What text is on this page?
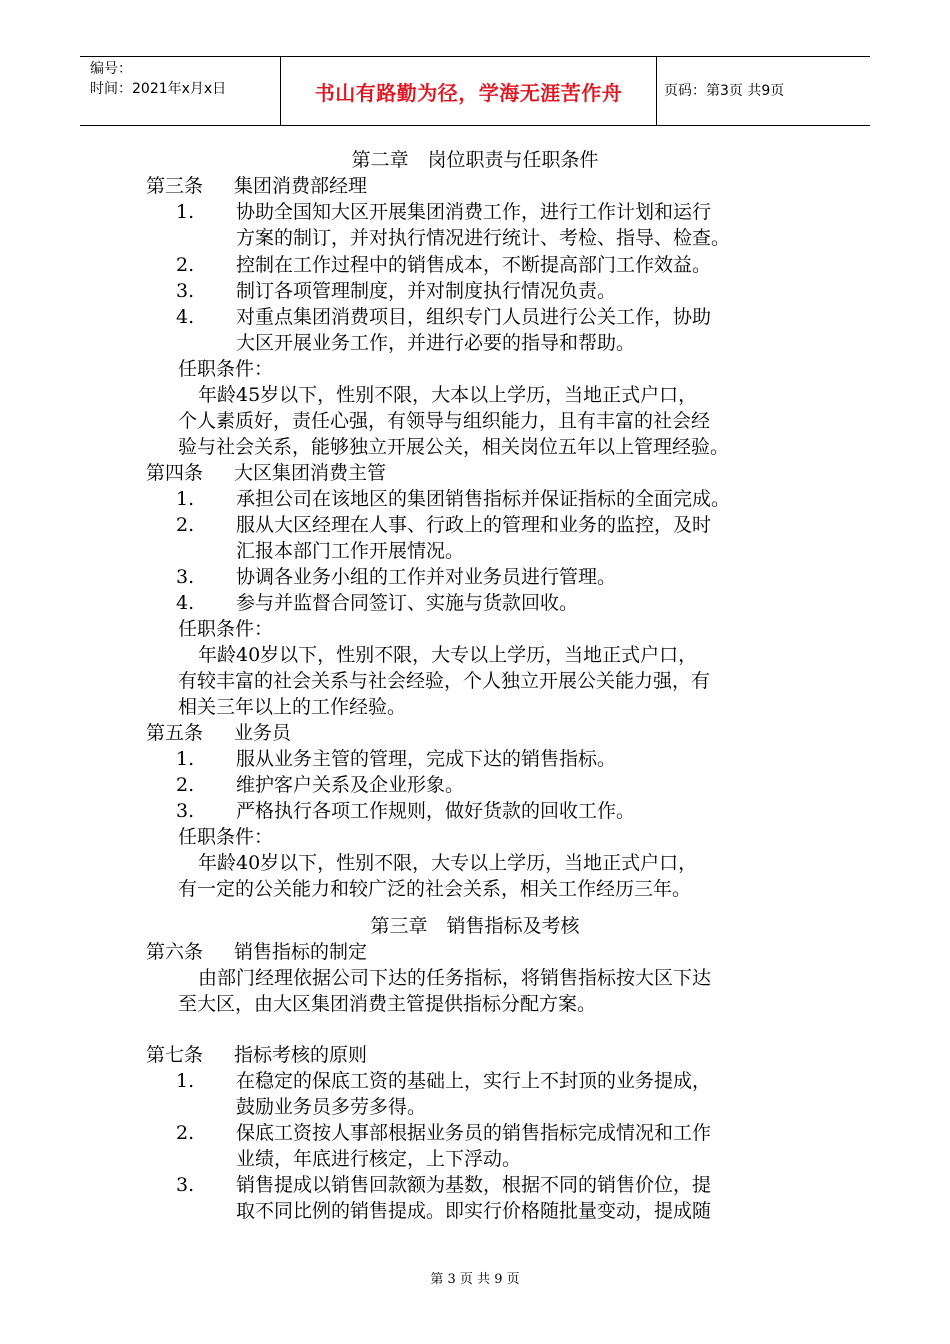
编号：
时间：2021年x月x日	书山有路勤为径，学海无涯苦作舟	页码：第3页 共9页
第二章　岗位职责与任职条件
第三条 集团消费部经理
1. 协助全国知大区开展集团消费工作，进行工作计划和运行
方案的制订，并对执行情况进行统计、考检、指导、检查。
2. 控制在工作过程中的销售成本，不断提高部门工作效益。
3. 制订各项管理制度，并对制度执行情况负责。
4. 对重点集团消费项目，组织专门人员进行公关工作，协助
大区开展业务工作，并进行必要的指导和帮助。
任职条件：
年龄45岁以下，性别不限，大本以上学历，当地正式户口，
个人素质好，责任心强，有领导与组织能力，且有丰富的社会经
验与社会关系，能够独立开展公关，相关岗位五年以上管理经验。
第四条 大区集团消费主管
1. 承担公司在该地区的集团销售指标并保证指标的全面完成。
2. 服从大区经理在人事、行政上的管理和业务的监控，及时
汇报本部门工作开展情况。
3. 协调各业务小组的工作并对业务员进行管理。
4. 参与并监督合同签订、实施与货款回收。
任职条件：
年龄40岁以下，性别不限，大专以上学历，当地正式户口，
有较丰富的社会关系与社会经验，个人独立开展公关能力强，有
相关三年以上的工作经验。
第五条 业务员
1. 服从业务主管的管理，完成下达的销售指标。
2. 维护客户关系及企业形象。
3. 严格执行各项工作规则，做好货款的回收工作。
任职条件：
年龄40岁以下，性别不限，大专以上学历，当地正式户口，
有一定的公关能力和较广泛的社会关系，相关工作经历三年。
第三章　销售指标及考核
第六条 销售指标的制定
由部门经理依据公司下达的任务指标，将销售指标按大区下达
至大区，由大区集团消费主管提供指标分配方案。
第七条 指标考核的原则
1. 在稳定的保底工资的基础上，实行上不封顶的业务提成，
鼓励业务员多劳多得。
2. 保底工资按人事部根据业务员的销售指标完成情况和工作
业绩，年底进行核定，上下浮动。
3. 销售提成以销售回款额为基数，根据不同的销售价位，提
取不同比例的销售提成。即实行价格随批量变动，提成随
第 3 页 共 9 页
